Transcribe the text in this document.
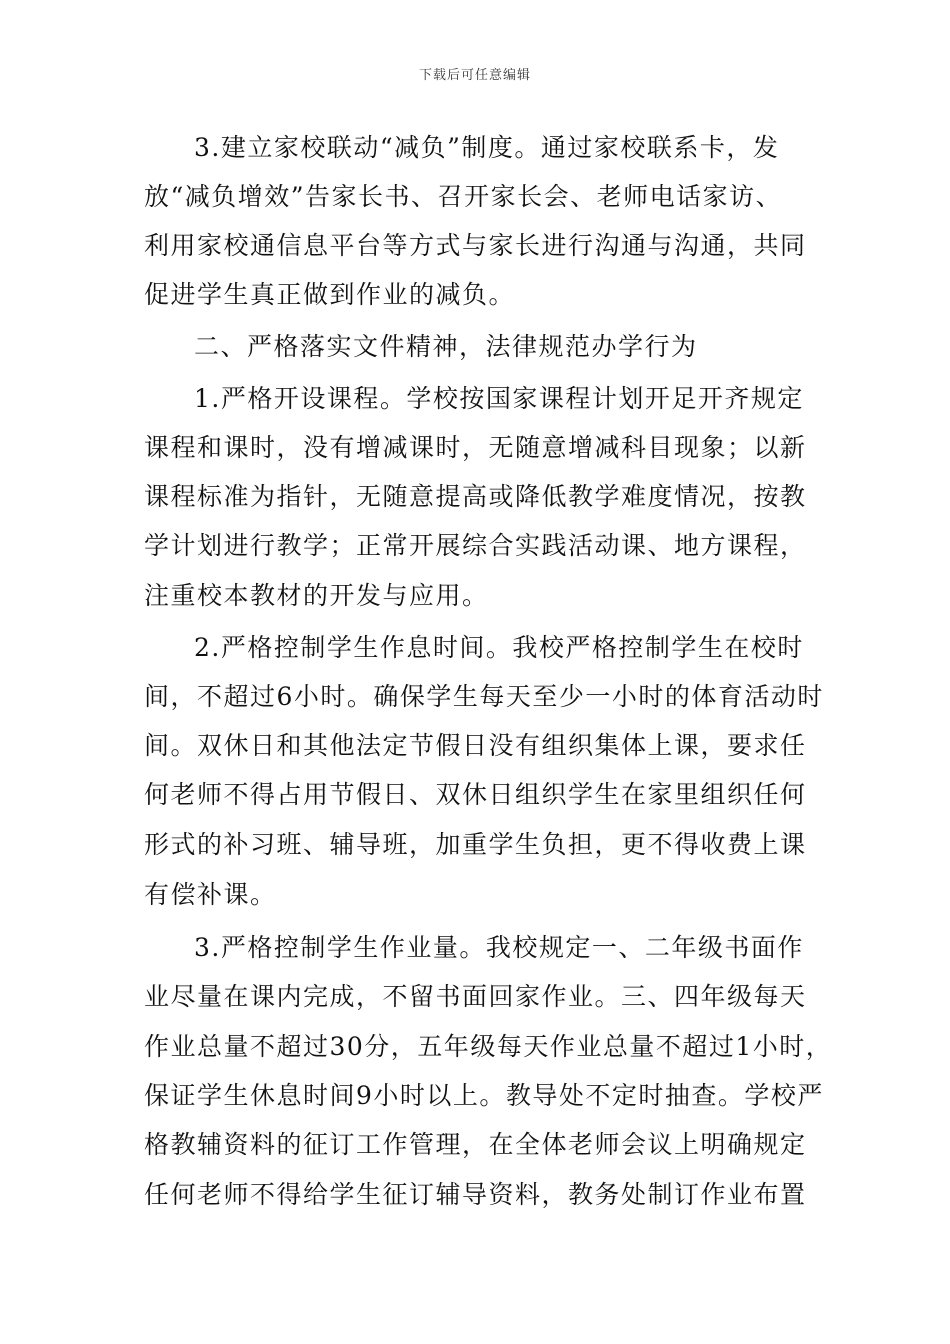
下载后可任意编辑
3.建立家校联动“减负”制度。通过家校联系卡，发
放“减负增效”告家长书、召开家长会、老师电话家访、
利用家校通信息平台等方式与家长进行沟通与沟通，共同
促进学生真正做到作业的减负。
二、严格落实文件精神，法律规范办学行为
1.严格开设课程。学校按国家课程计划开足开齐规定
课程和课时，没有增减课时，无随意增减科目现象；以新
课程标准为指针，无随意提高或降低教学难度情况，按教
学计划进行教学；正常开展综合实践活动课、地方课程，
注重校本教材的开发与应用。
2.严格控制学生作息时间。我校严格控制学生在校时
间，不超过6小时。确保学生每天至少一小时的体育活动时
间。双休日和其他法定节假日没有组织集体上课，要求任
何老师不得占用节假日、双休日组织学生在家里组织任何
形式的补习班、辅导班，加重学生负担，更不得收费上课
有偿补课。
3.严格控制学生作业量。我校规定一、二年级书面作
业尽量在课内完成，不留书面回家作业。三、四年级每天
作业总量不超过30分，五年级每天作业总量不超过1小时，
保证学生休息时间9小时以上。教导处不定时抽查。学校严
格教辅资料的征订工作管理，在全体老师会议上明确规定
任何老师不得给学生征订辅导资料，教务处制订作业布置
